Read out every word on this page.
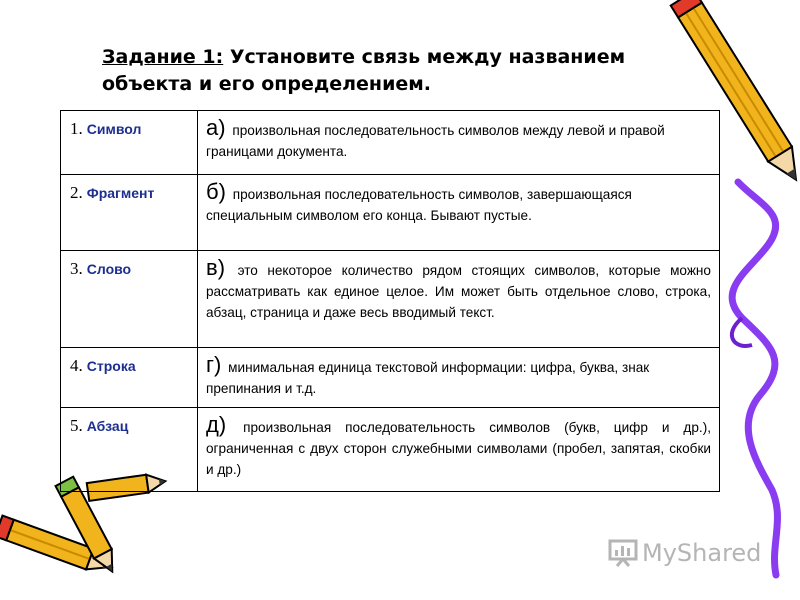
Задание 1: Установите связь между названием объекта и его определением.
1. Символ	а) произвольная последовательность символов между левой и правой границами документа.
2. Фрагмент	б) произвольная последовательность символов, завершающаяся специальным символом его конца. Бывают пустые.
3. Слово	в) это некоторое количество рядом стоящих символов, которые можно рассматривать как единое целое. Им может быть отдельное слово, строка, абзац, страница и даже весь вводимый текст.
4. Строка	г) минимальная единица текстовой информации: цифра, буква, знак препинания и т.д.
5. Абзац	д) произвольная последовательность символов (букв, цифр и др.), ограниченная с двух сторон служебными символами (пробел, запятая, скобки и др.)
MyShared
